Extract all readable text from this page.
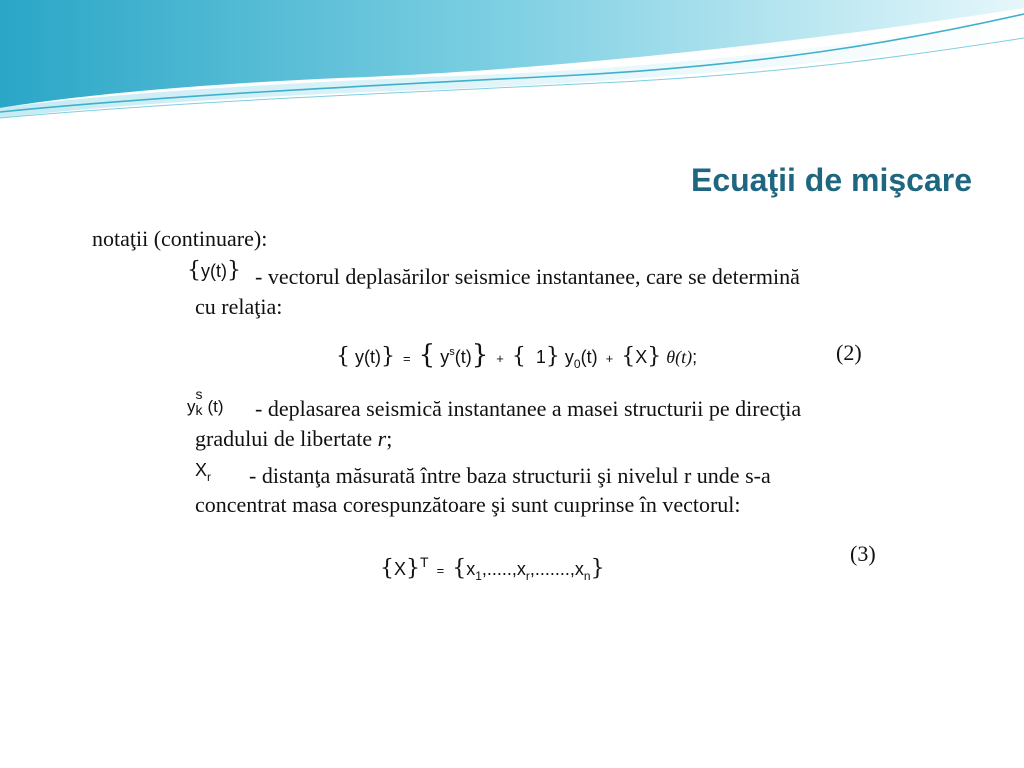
Ecuaţii de mişcare
notaţii (continuare):
{y(t)} - vectorul deplasărilor seismice instantanee, care se determină
cu relaţia:
{ y(t)} = { $y^s(t)$} + { 1} $y_0(t) + \{X\}$ θ(t);	(2)
y
s
k (t) - deplasarea seismică instantanee a masei structurii pe direcţia
gradului de libertate r;
$X_r$ - distanţa măsurată între baza structurii şi nivelul r unde s-a
concentrat masa corespunzătoare şi sunt cuıprinse în vectorul:
$\{X\}^T = \{x_1,.....,x_r,.......,x_n\}$
(3)
